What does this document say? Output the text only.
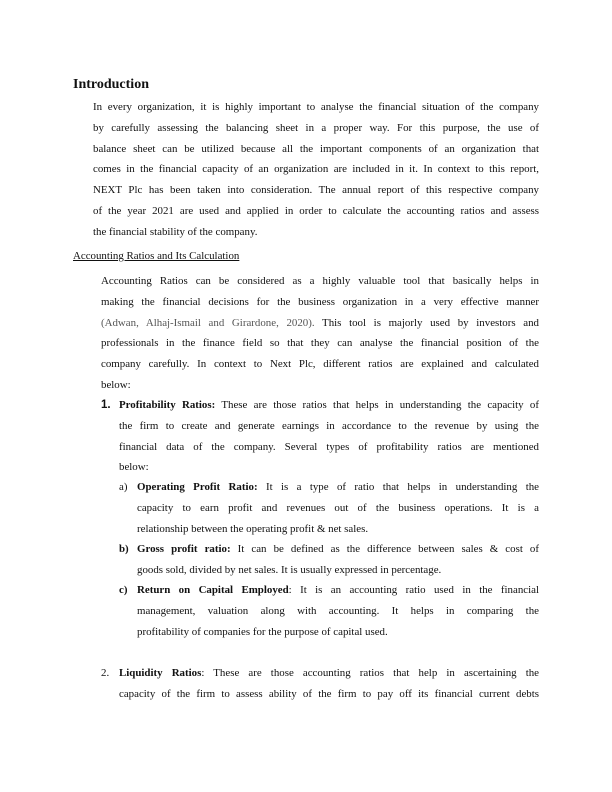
Introduction
In every organization, it is highly important to analyse the financial situation of the company
by carefully assessing the balancing sheet in a proper way. For this purpose, the use of
balance sheet can be utilized because all the important components of an organization that
comes in the financial capacity of an organization are included in it. In context to this report,
NEXT Plc has been taken into consideration. The annual report of this respective company
of the year 2021 are used and applied in order to calculate the accounting ratios and assess
the financial stability of the company.
Accounting Ratios and Its Calculation
Accounting Ratios can be considered as a highly valuable tool that basically helps in
making the financial decisions for the business organization in a very effective manner
(Adwan, Alhaj-Ismail and Girardone, 2020). This tool is majorly used by investors and
professionals in the finance field so that they can analyse the financial position of the
company carefully. In context to Next Plc, different ratios are explained and calculated
below:
1. Profitability Ratios: These are those ratios that helps in understanding the capacity of
the firm to create and generate earnings in accordance to the revenue by using the
financial data of the company. Several types of profitability ratios are mentioned
below:
a) Operating Profit Ratio: It is a type of ratio that helps in understanding the
capacity to earn profit and revenues out of the business operations. It is a
relationship between the operating profit & net sales.
b) Gross profit ratio: It can be defined as the difference between sales & cost of
goods sold, divided by net sales. It is usually expressed in percentage.
c) Return on Capital Employed: It is an accounting ratio used in the financial
management, valuation along with accounting. It helps in comparing the
profitability of companies for the purpose of capital used.
2. Liquidity Ratios: These are those accounting ratios that help in ascertaining the
capacity of the firm to assess ability of the firm to pay off its financial current debts
